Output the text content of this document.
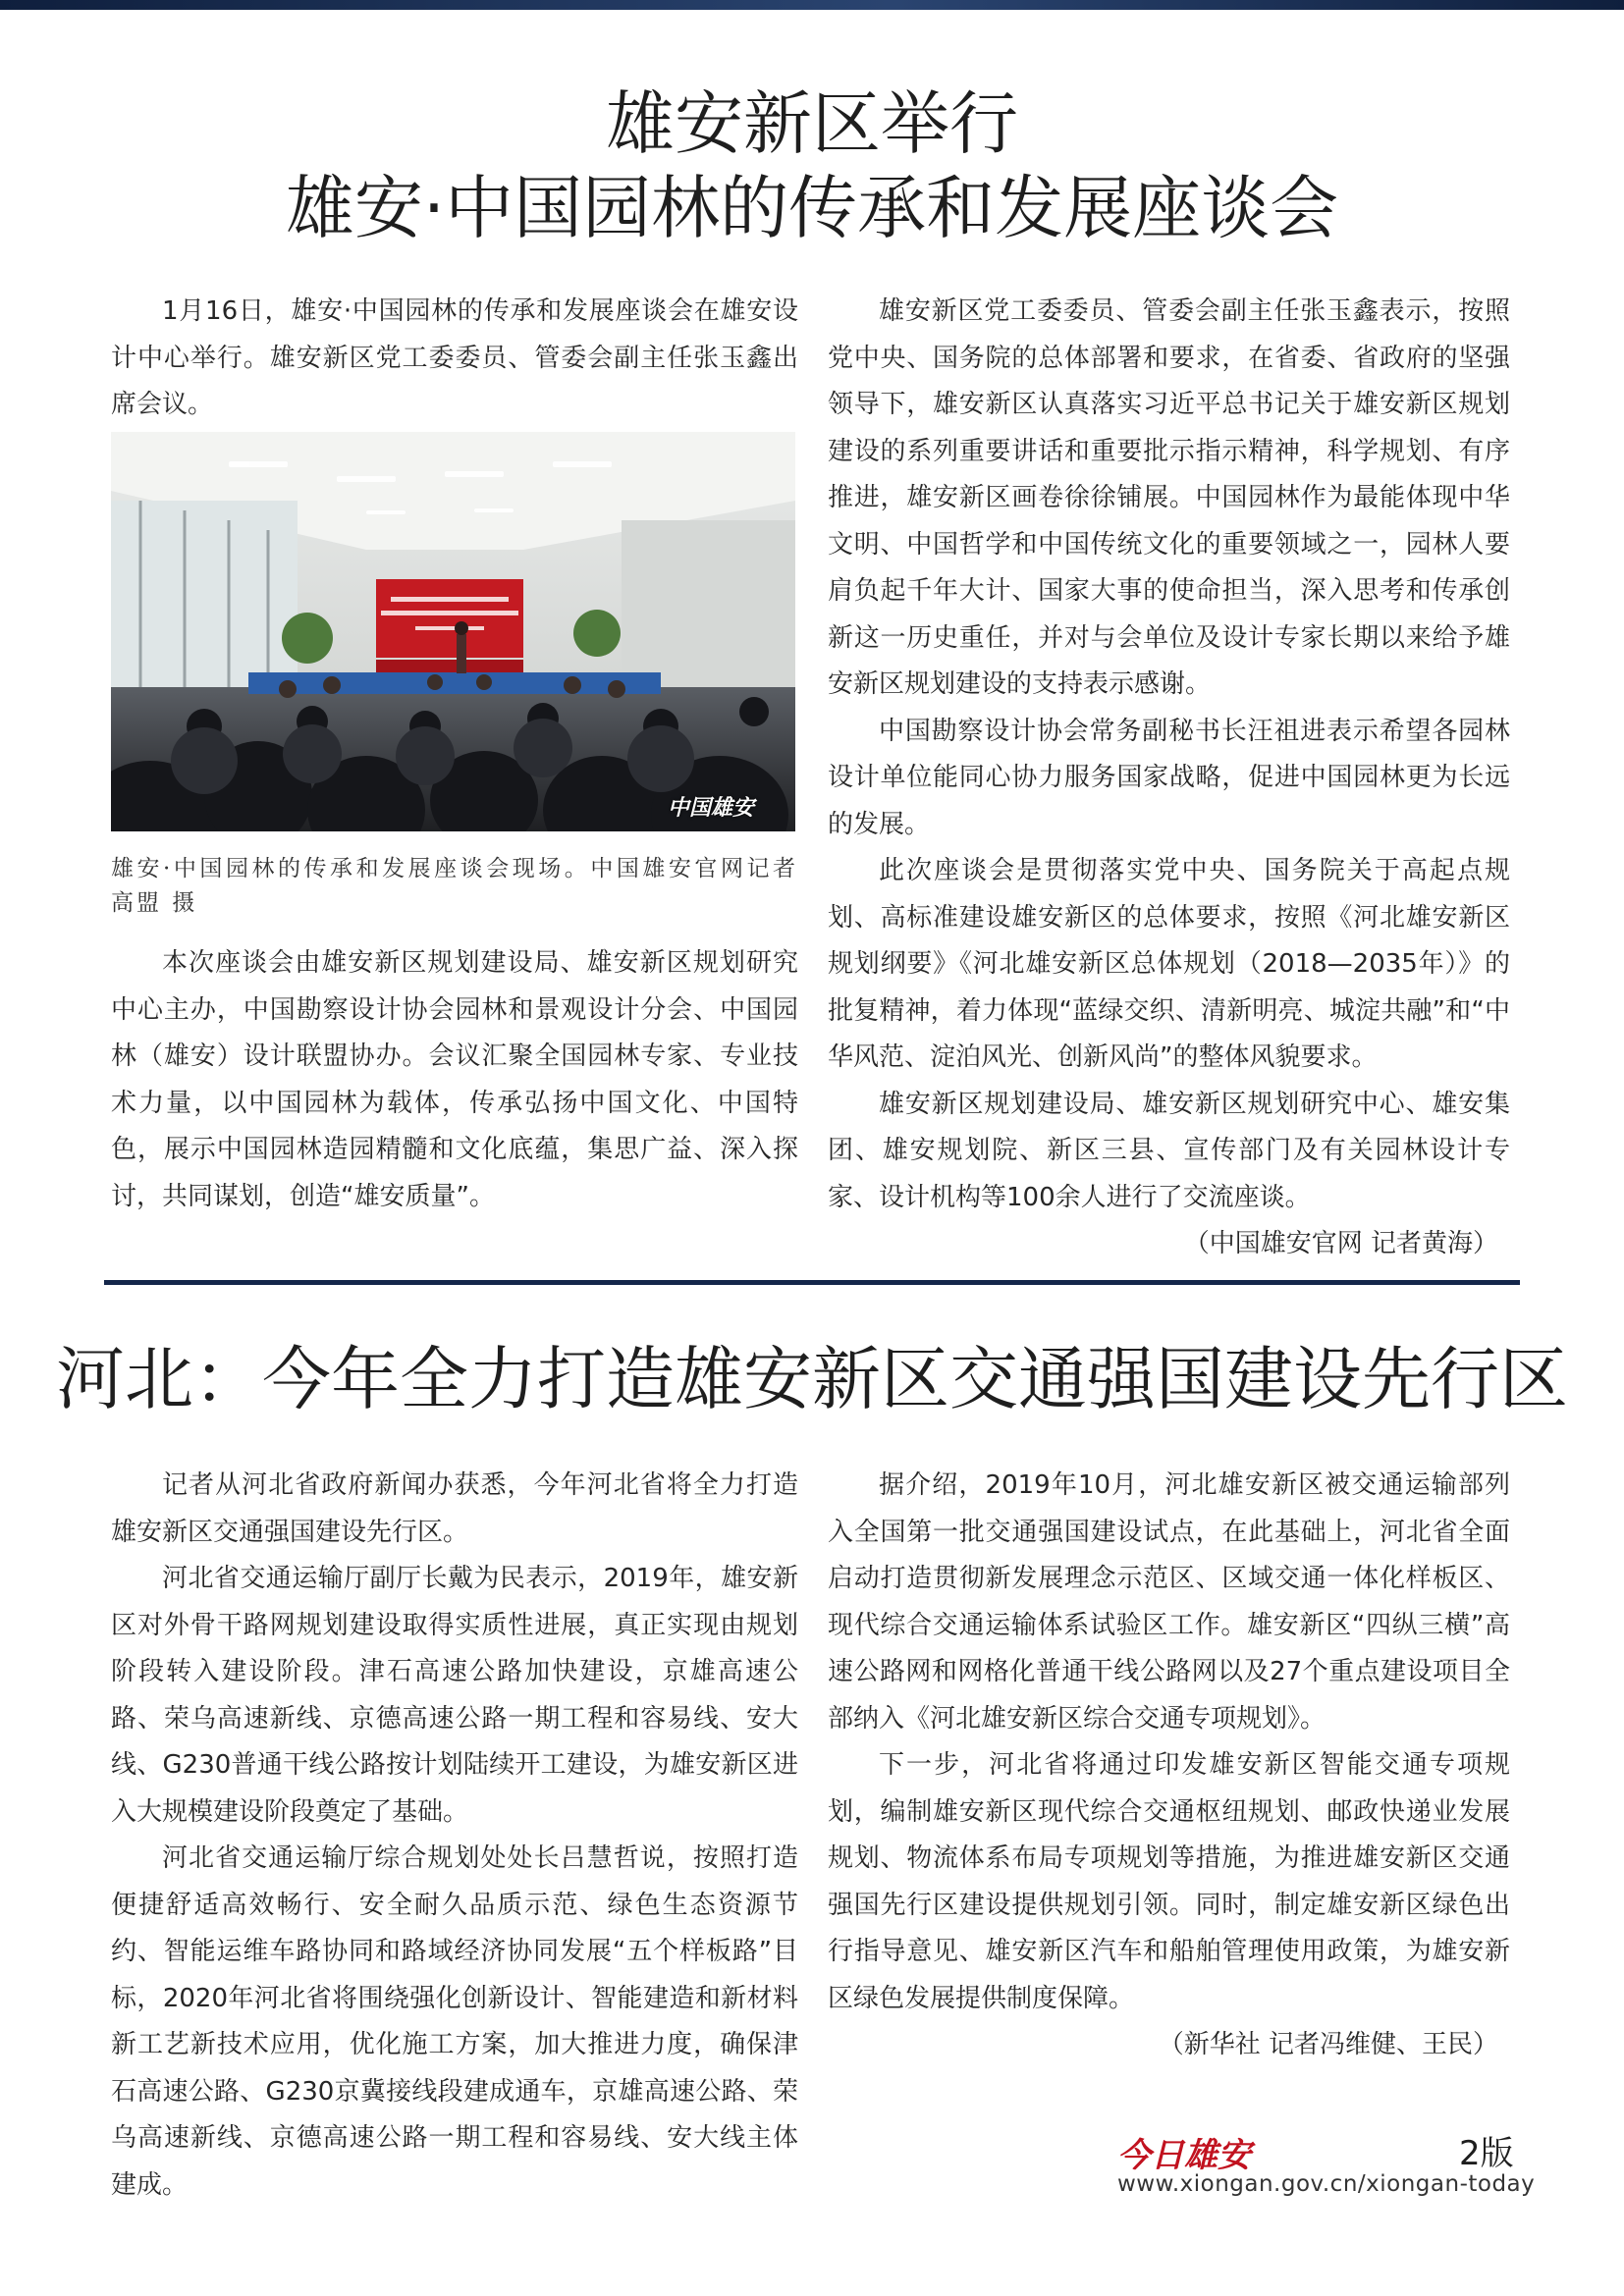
雄安新区举行
雄安·中国园林的传承和发展座谈会

1月16日，雄安·中国园林的传承和发展座谈会在雄安设计中心举行。雄安新区党工委委员、管委会副主任张玉鑫出席会议。

中国雄安

雄安·中国园林的传承和发展座谈会现场。中国雄安官网记者高盟 摄

本次座谈会由雄安新区规划建设局、雄安新区规划研究中心主办，中国勘察设计协会园林和景观设计分会、中国园林（雄安）设计联盟协办。会议汇聚全国园林专家、专业技术力量，以中国园林为载体，传承弘扬中国文化、中国特色，展示中国园林造园精髓和文化底蕴，集思广益、深入探讨，共同谋划，创造“雄安质量”。

雄安新区党工委委员、管委会副主任张玉鑫表示，按照党中央、国务院的总体部署和要求，在省委、省政府的坚强领导下，雄安新区认真落实习近平总书记关于雄安新区规划建设的系列重要讲话和重要批示指示精神，科学规划、有序推进，雄安新区画卷徐徐铺展。中国园林作为最能体现中华文明、中国哲学和中国传统文化的重要领域之一，园林人要肩负起千年大计、国家大事的使命担当，深入思考和传承创新这一历史重任，并对与会单位及设计专家长期以来给予雄安新区规划建设的支持表示感谢。

中国勘察设计协会常务副秘书长汪祖进表示希望各园林设计单位能同心协力服务国家战略，促进中国园林更为长远的发展。

此次座谈会是贯彻落实党中央、国务院关于高起点规划、高标准建设雄安新区的总体要求，按照《河北雄安新区规划纲要》《河北雄安新区总体规划（2018—2035年）》的批复精神，着力体现“蓝绿交织、清新明亮、城淀共融”和“中华风范、淀泊风光、创新风尚”的整体风貌要求。

雄安新区规划建设局、雄安新区规划研究中心、雄安集团、雄安规划院、新区三县、宣传部门及有关园林设计专家、设计机构等100余人进行了交流座谈。

（中国雄安官网 记者黄海）

河北：今年全力打造雄安新区交通强国建设先行区

记者从河北省政府新闻办获悉，今年河北省将全力打造雄安新区交通强国建设先行区。

河北省交通运输厅副厅长戴为民表示，2019年，雄安新区对外骨干路网规划建设取得实质性进展，真正实现由规划阶段转入建设阶段。津石高速公路加快建设，京雄高速公路、荣乌高速新线、京德高速公路一期工程和容易线、安大线、G230普通干线公路按计划陆续开工建设，为雄安新区进入大规模建设阶段奠定了基础。

河北省交通运输厅综合规划处处长吕慧哲说，按照打造便捷舒适高效畅行、安全耐久品质示范、绿色生态资源节约、智能运维车路协同和路域经济协同发展“五个样板路”目标，2020年河北省将围绕强化创新设计、智能建造和新材料新工艺新技术应用，优化施工方案，加大推进力度，确保津石高速公路、G230京冀接线段建成通车，京雄高速公路、荣乌高速新线、京德高速公路一期工程和容易线、安大线主体建成。

据介绍，2019年10月，河北雄安新区被交通运输部列入全国第一批交通强国建设试点，在此基础上，河北省全面启动打造贯彻新发展理念示范区、区域交通一体化样板区、现代综合交通运输体系试验区工作。雄安新区“四纵三横”高速公路网和网格化普通干线公路网以及27个重点建设项目全部纳入《河北雄安新区综合交通专项规划》。

下一步，河北省将通过印发雄安新区智能交通专项规划，编制雄安新区现代综合交通枢纽规划、邮政快递业发展规划、物流体系布局专项规划等措施，为推进雄安新区交通强国先行区建设提供规划引领。同时，制定雄安新区绿色出行指导意见、雄安新区汽车和船舶管理使用政策，为雄安新区绿色发展提供制度保障。

（新华社 记者冯维健、王民）

今日雄安	2版
www.xiongan.gov.cn/xiongan-today
